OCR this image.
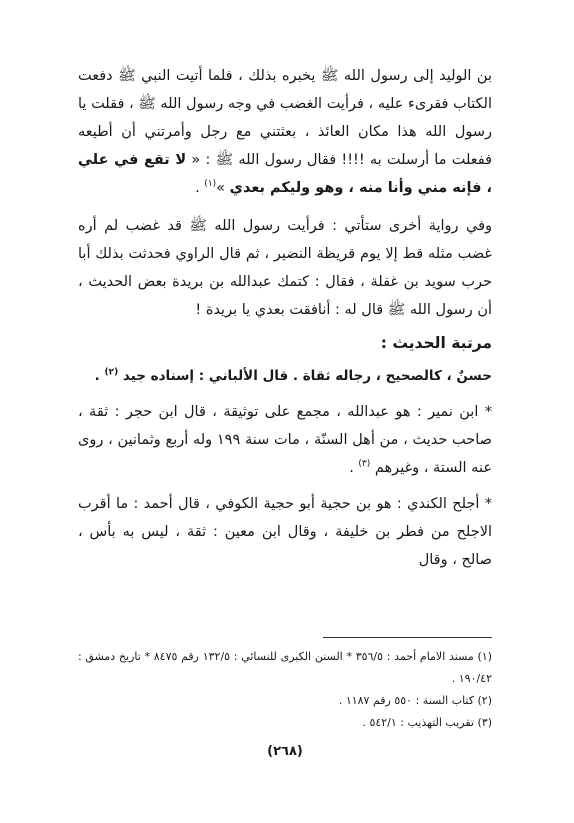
بن الوليد إلى رسول الله ﷺ يخبره بذلك ، فلما أتيت النبي ﷺ دفعت الكتاب فقرىء عليه ، فرأيت الغضب في وجه رسول الله ﷺ ، فقلت يا رسول الله هذا مكان العائذ ، بعثتني مع رجل وأمرتني أن أطيعه ففعلت ما أرسلت به !!!! فقال رسول الله ﷺ : « لا تقع في علي ، فإنه مني وأنا منه ، وهو وليكم بعدي »$^{(١)}$ .

وفي رواية أخرى ستأتي : فرأيت رسول الله ﷺ قد غضب لم أره غضب مثله قط إلا يوم قريظة النضير ، ثم قال الراوي فحدثت بذلك أبا حرب سويد بن غفلة ، فقال : كتمك عبدالله بن بريدة بعض الحديث ، أن رسول الله ﷺ قال له : أنافقت بعدي يا بريدة !

مرتبة الحديث :

حسنٌ ، كالصحيح ، رجاله ثقاة . قال الألباني : إسناده جيد $^{(٢)}$ .

* ابن نمير : هو عبدالله ، مجمع على توثيقة ، قال ابن حجر : ثقة ، صاحب حديث ، من أهل السنّة ، مات سنة ١٩٩ وله أربع وثمانين ، روى عنه الستة ، وغيرهم $^{(٣)}$ .

* أجلح الكندي : هو بن حجية أبو حجية الكوفي ، قال أحمد : ما أقرب الاجلح من فطر بن خليفة ، وقال ابن معين : ثقة ، ليس به بأس ، صالح ، وقال

(١) مسند الامام أحمد : ٣٥٦/٥ * السنن الكبرى للنسائي : ١٣٢/٥ رقم ٨٤٧٥ * تاريخ دمشق : ١٩٠/٤٢ .

(٢) كتاب السنة : ٥٥٠ رقم ١١٨٧ .

(٣) تقريب التهذيب : ٥٤٢/١ .

(٢٦٨)
